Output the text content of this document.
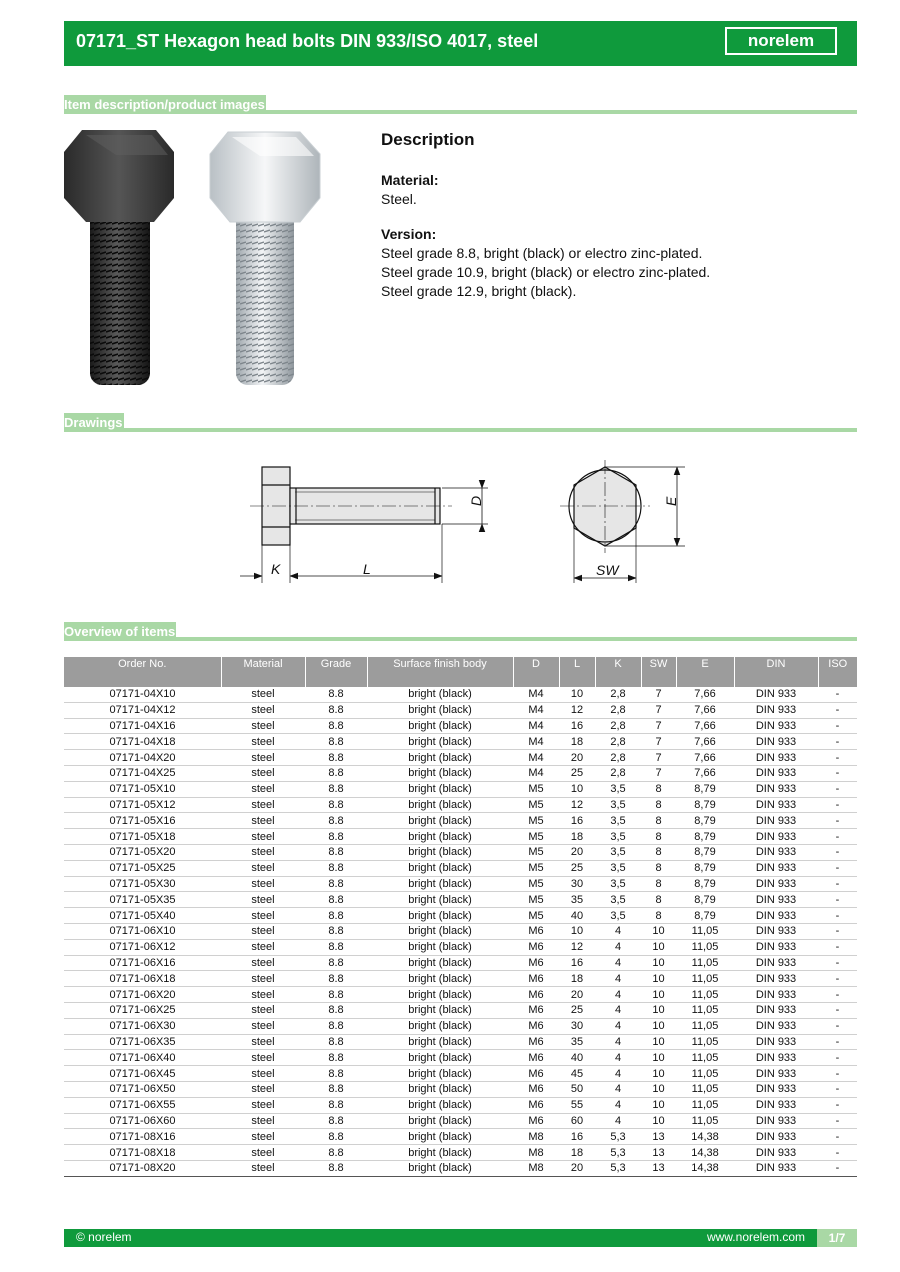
07171_ST Hexagon head bolts DIN 933/ISO 4017, steel	norelem
Item description/product images
Description
Material:
Steel.
Version:
Steel grade 8.8, bright (black) or electro zinc-plated.
Steel grade 10.9, bright (black) or electro zinc-plated.
Steel grade 12.9, bright (black).
Drawings
K	L
D
SW
E
Overview of items
Order No.	Material	Grade	Surface finish body	D	L	K	SW	E	DIN	ISO
07171-04X10	steel	8.8	bright (black)	M4	10	2,8	7	7,66	DIN 933	-
07171-04X12	steel	8.8	bright (black)	M4	12	2,8	7	7,66	DIN 933	-
07171-04X16	steel	8.8	bright (black)	M4	16	2,8	7	7,66	DIN 933	-
07171-04X18	steel	8.8	bright (black)	M4	18	2,8	7	7,66	DIN 933	-
07171-04X20	steel	8.8	bright (black)	M4	20	2,8	7	7,66	DIN 933	-
07171-04X25	steel	8.8	bright (black)	M4	25	2,8	7	7,66	DIN 933	-
07171-05X10	steel	8.8	bright (black)	M5	10	3,5	8	8,79	DIN 933	-
07171-05X12	steel	8.8	bright (black)	M5	12	3,5	8	8,79	DIN 933	-
07171-05X16	steel	8.8	bright (black)	M5	16	3,5	8	8,79	DIN 933	-
07171-05X18	steel	8.8	bright (black)	M5	18	3,5	8	8,79	DIN 933	-
07171-05X20	steel	8.8	bright (black)	M5	20	3,5	8	8,79	DIN 933	-
07171-05X25	steel	8.8	bright (black)	M5	25	3,5	8	8,79	DIN 933	-
07171-05X30	steel	8.8	bright (black)	M5	30	3,5	8	8,79	DIN 933	-
07171-05X35	steel	8.8	bright (black)	M5	35	3,5	8	8,79	DIN 933	-
07171-05X40	steel	8.8	bright (black)	M5	40	3,5	8	8,79	DIN 933	-
07171-06X10	steel	8.8	bright (black)	M6	10	4	10	11,05	DIN 933	-
07171-06X12	steel	8.8	bright (black)	M6	12	4	10	11,05	DIN 933	-
07171-06X16	steel	8.8	bright (black)	M6	16	4	10	11,05	DIN 933	-
07171-06X18	steel	8.8	bright (black)	M6	18	4	10	11,05	DIN 933	-
07171-06X20	steel	8.8	bright (black)	M6	20	4	10	11,05	DIN 933	-
07171-06X25	steel	8.8	bright (black)	M6	25	4	10	11,05	DIN 933	-
07171-06X30	steel	8.8	bright (black)	M6	30	4	10	11,05	DIN 933	-
07171-06X35	steel	8.8	bright (black)	M6	35	4	10	11,05	DIN 933	-
07171-06X40	steel	8.8	bright (black)	M6	40	4	10	11,05	DIN 933	-
07171-06X45	steel	8.8	bright (black)	M6	45	4	10	11,05	DIN 933	-
07171-06X50	steel	8.8	bright (black)	M6	50	4	10	11,05	DIN 933	-
07171-06X55	steel	8.8	bright (black)	M6	55	4	10	11,05	DIN 933	-
07171-06X60	steel	8.8	bright (black)	M6	60	4	10	11,05	DIN 933	-
07171-08X16	steel	8.8	bright (black)	M8	16	5,3	13	14,38	DIN 933	-
07171-08X18	steel	8.8	bright (black)	M8	18	5,3	13	14,38	DIN 933	-
07171-08X20	steel	8.8	bright (black)	M8	20	5,3	13	14,38	DIN 933	-
© norelem	www.norelem.com	1/7
